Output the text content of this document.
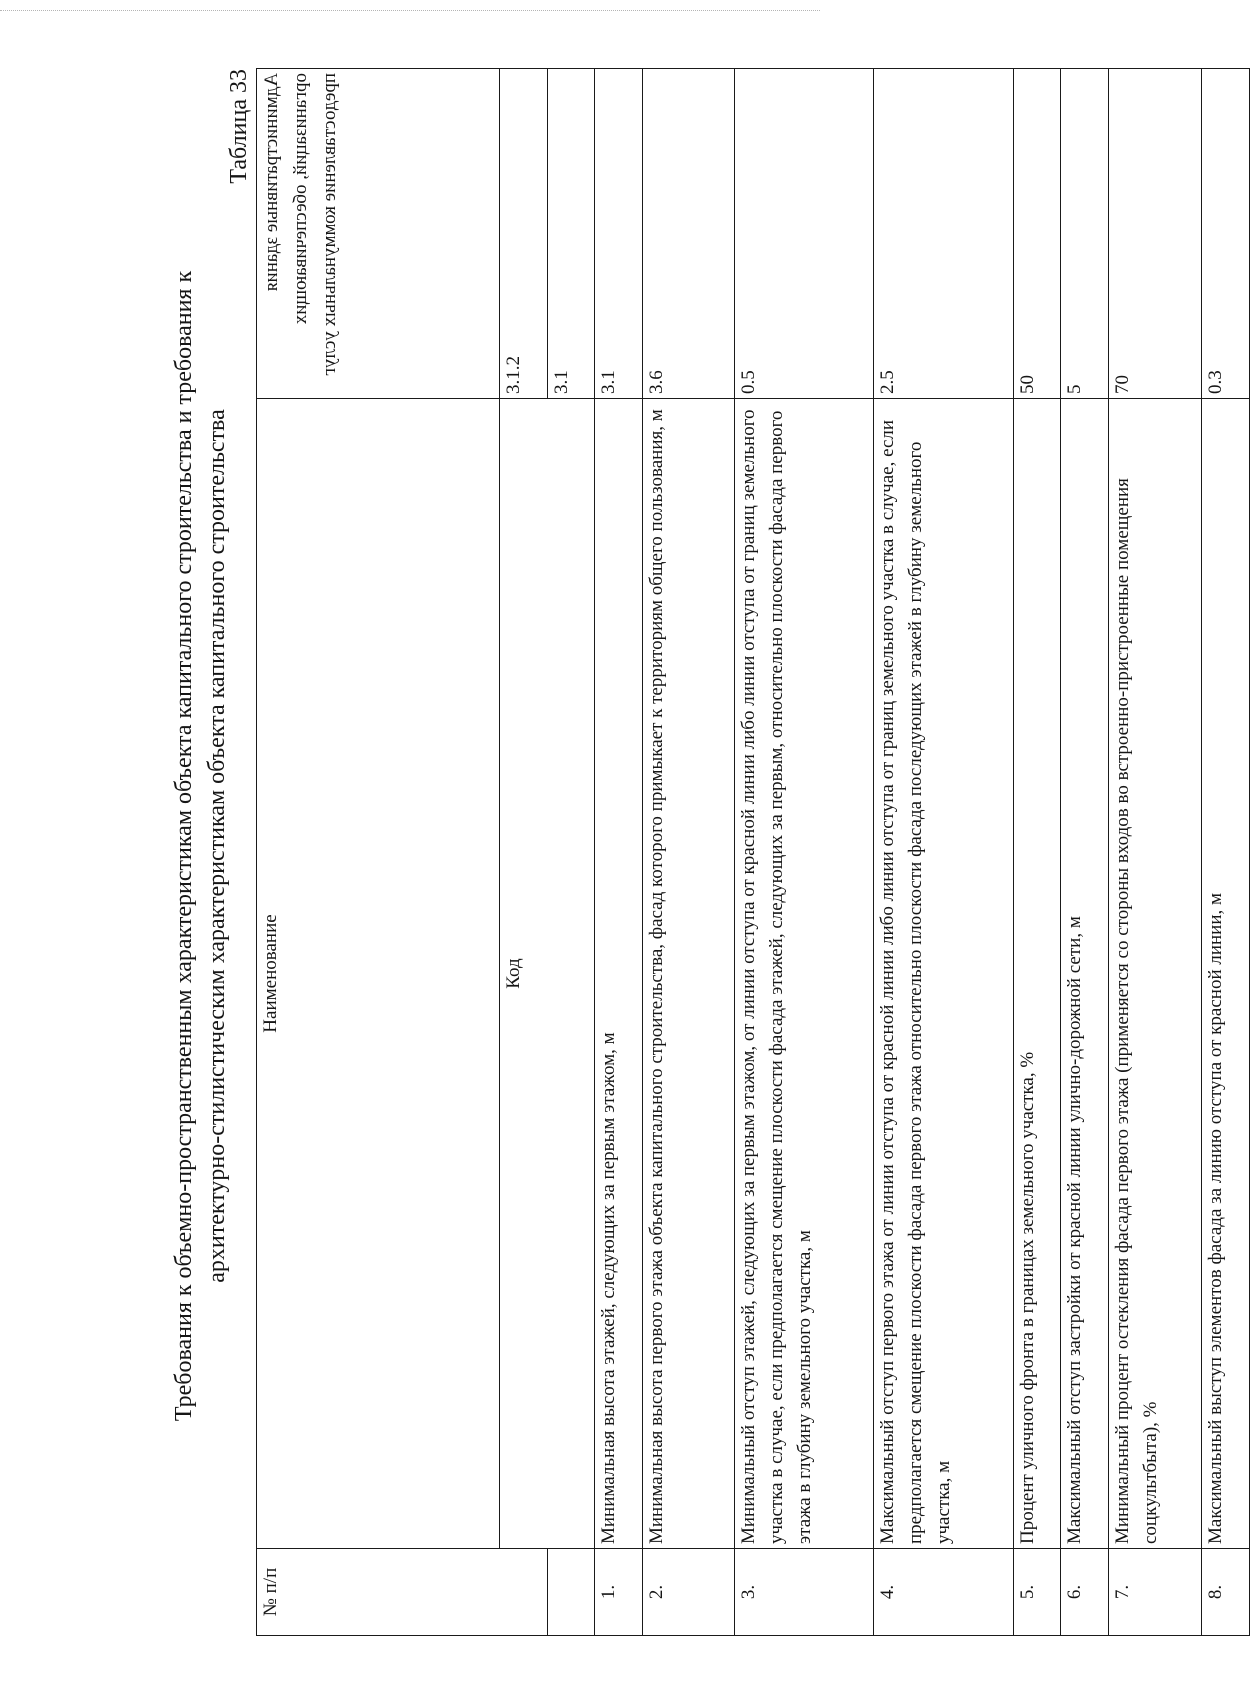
Требования к объемно-пространственным характеристикам объекта капитального строительства и требования к архитектурно-стилистическим характеристикам объекта капитального строительства
Таблица 33
№ п/п	Наименование	Административные здания организаций, обеспечивающих предоставление коммунальных услуг

	Код	3.1.2
		3.1
1.	Минимальная высота этажей, следующих за первым этажом, м	3.1
2.	Минимальная высота первого этажа объекта капитального строительства, фасад которого примыкает к территориям общего пользования, м	3.6
3.	Минимальный отступ этажей, следующих за первым этажом, от линии отступа от красной линии либо линии отступа от границ земельного участка в случае, если предполагается смещение плоскости фасада этажей, следующих за первым, относительно плоскости фасада первого этажа в глубину земельного участка, м	0.5
4.	Максимальный отступ первого этажа от линии отступа от красной линии либо линии отступа от границ земельного участка в случае, если предполагается смещение плоскости фасада первого этажа относительно плоскости фасада последующих этажей в глубину земельного участка, м	2.5
5.	Процент уличного фронта в границах земельного участка, %	50
6.	Максимальный отступ застройки от красной линии улично-дорожной сети, м	5
7.	Минимальный процент остекления фасада первого этажа (применяется со стороны входов во встроенно-пристроенные помещения соцкультбыта), %	70
8.	Максимальный выступ элементов фасада за линию отступа от красной линии, м	0.3
